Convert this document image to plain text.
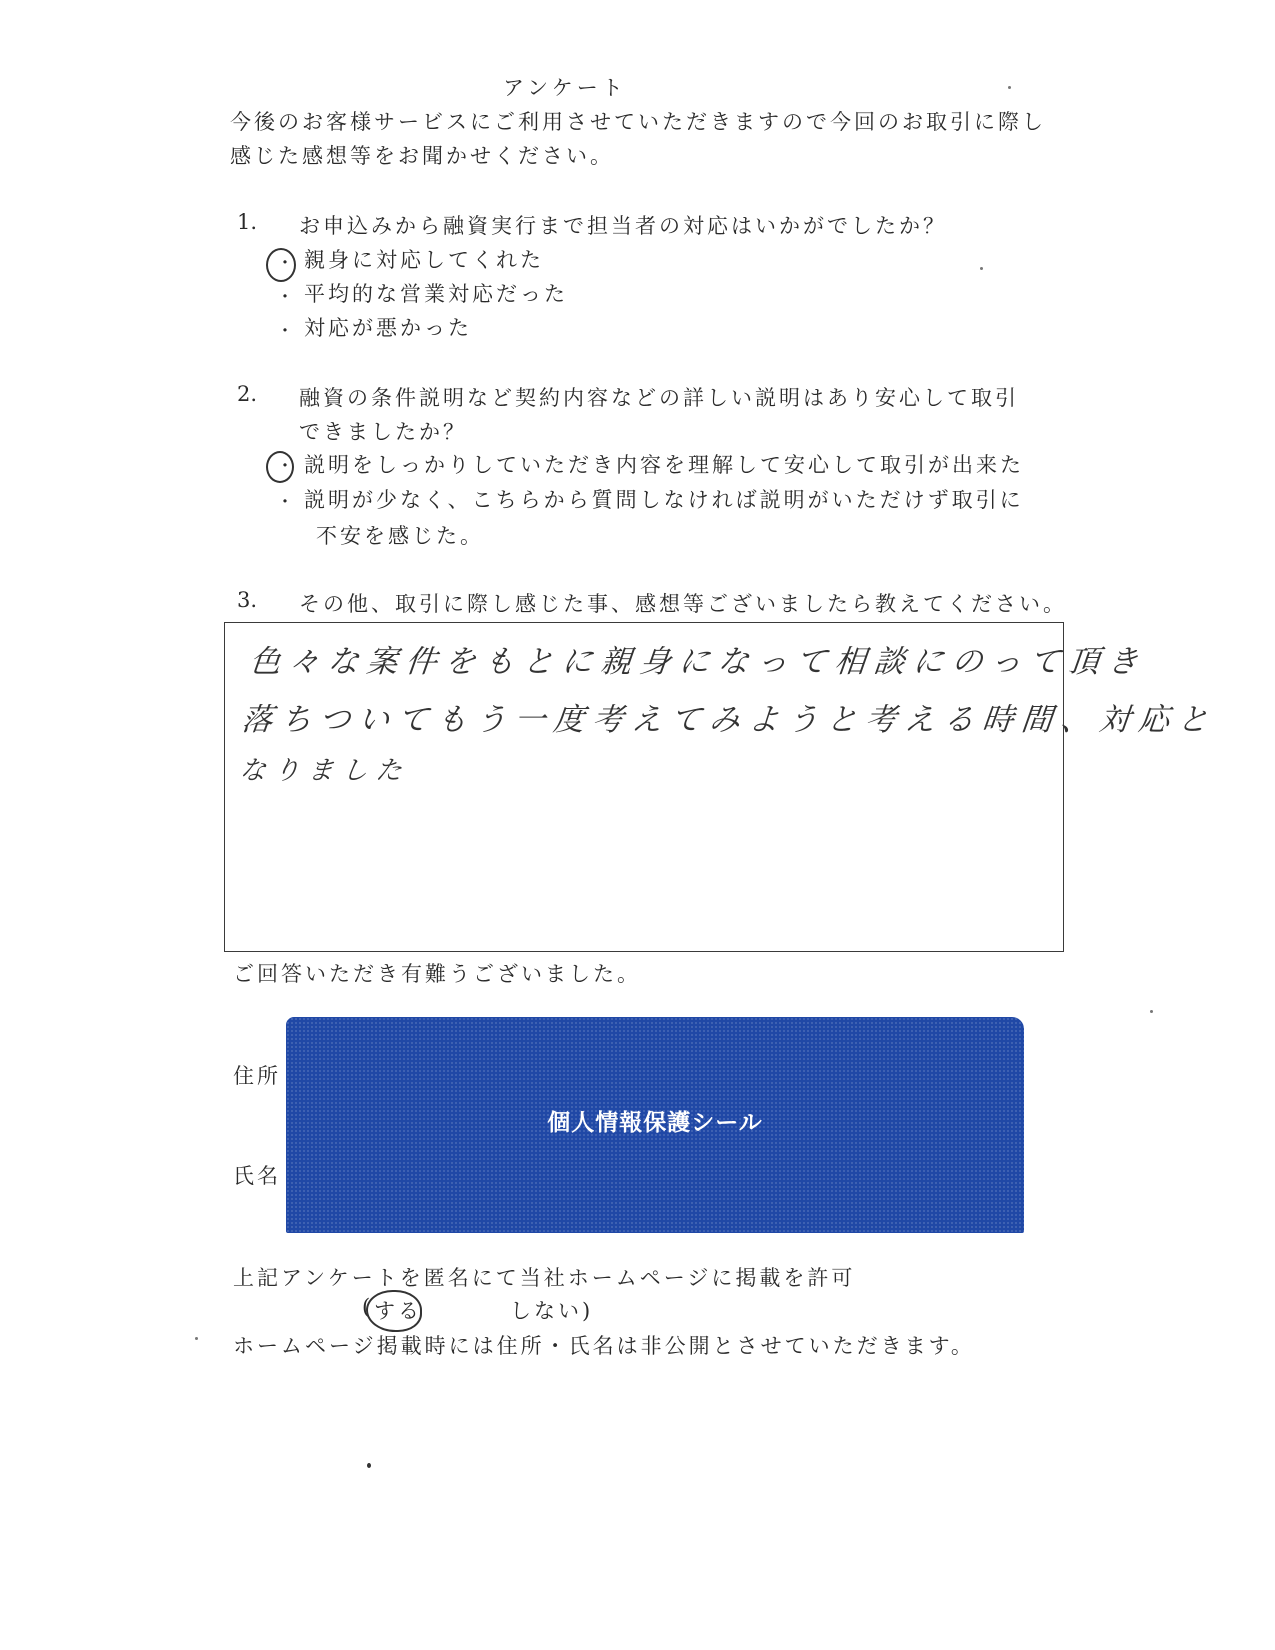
アンケート
今後のお客様サービスにご利用させていただきますので今回のお取引に際し
感じた感想等をお聞かせください。
1. お申込みから融資実行まで担当者の対応はいかがでしたか？
・ 親身に対応してくれた
・ 平均的な営業対応だった
・ 対応が悪かった
2. 融資の条件説明など契約内容などの詳しい説明はあり安心して取引
できましたか？
・ 説明をしっかりしていただき内容を理解して安心して取引が出来た
・ 説明が少なく、こちらから質問しなければ説明がいただけず取引に
不安を感じた。
3. その他、取引に際し感じた事、感想等ございましたら教えてください。
色々な案件をもとに親身になって相談にのって頂き
落ちついてもう一度考えてみようと考える時間、対応と
なりました
ご回答いただき有難うございました。
住所
氏名
個人情報保護シール
上記アンケートを匿名にて当社ホームページに掲載を許可
( する	しない)
ホームページ掲載時には住所・氏名は非公開とさせていただきます。
